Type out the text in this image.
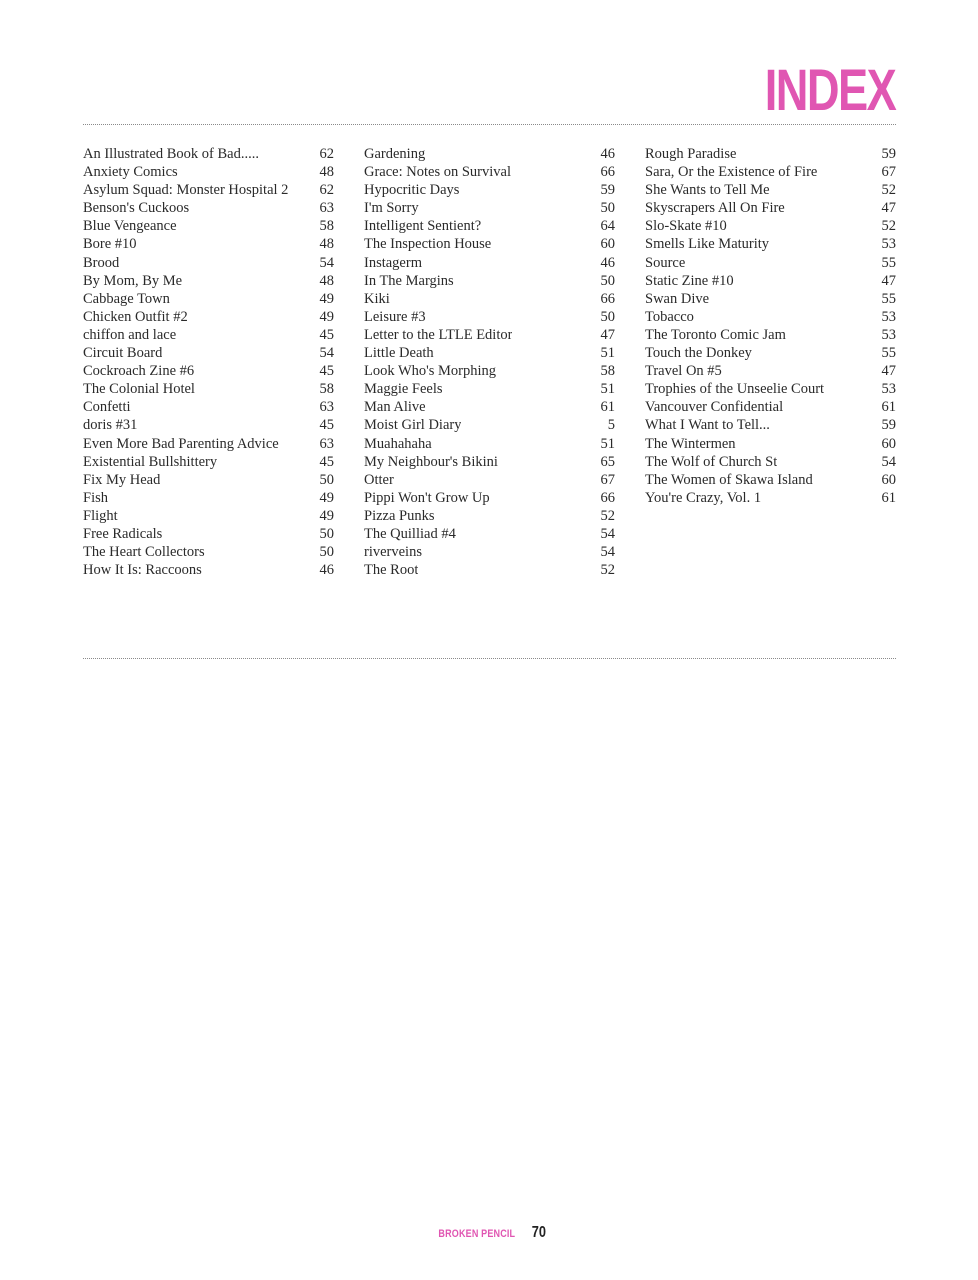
INDEX
An Illustrated Book of Bad.....	62
Anxiety Comics	48
Asylum Squad: Monster Hospital 2 62
Benson's Cuckoos	63
Blue Vengeance	58
Bore #10	48
Brood	54
By Mom, By Me	48
Cabbage Town	49
Chicken Outfit #2	49
chiffon and lace	45
Circuit Board	54
Cockroach Zine #6	45
The Colonial Hotel	58
Confetti	63
doris #31	45
Even More Bad Parenting Advice	63
Existential Bullshittery	45
Fix My Head	50
Fish	49
Flight	49
Free Radicals	50
The Heart Collectors	50
How It Is: Raccoons	46
Gardening	46
Grace: Notes on Survival	66
Hypocritic Days	59
I'm Sorry	50
Intelligent Sentient?	64
The Inspection House	60
Instagerm	46
In The Margins	50
Kiki	66
Leisure #3	50
Letter to the LTLE Editor	47
Little Death	51
Look Who's Morphing	58
Maggie Feels	51
Man Alive	61
Moist Girl Diary	5
Muahahaha	51
My Neighbour's Bikini	65
Otter	67
Pippi Won't Grow Up	66
Pizza Punks	52
The Quilliad #4	54
riverveins	54
The Root	52
Rough Paradise	59
Sara, Or the Existence of Fire	67
She Wants to Tell Me	52
Skyscrapers All On Fire	47
Slo-Skate #10	52
Smells Like Maturity	53
Source	55
Static Zine #10	47
Swan Dive	55
Tobacco	53
The Toronto Comic Jam	53
Touch the Donkey	55
Travel On #5	47
Trophies of the Unseelie Court	53
Vancouver Confidential	61
What I Want to Tell...	59
The Wintermen	60
The Wolf of Church St	54
The Women of Skawa Island	60
You're Crazy, Vol. 1	61
BROKEN PENCIL 70
